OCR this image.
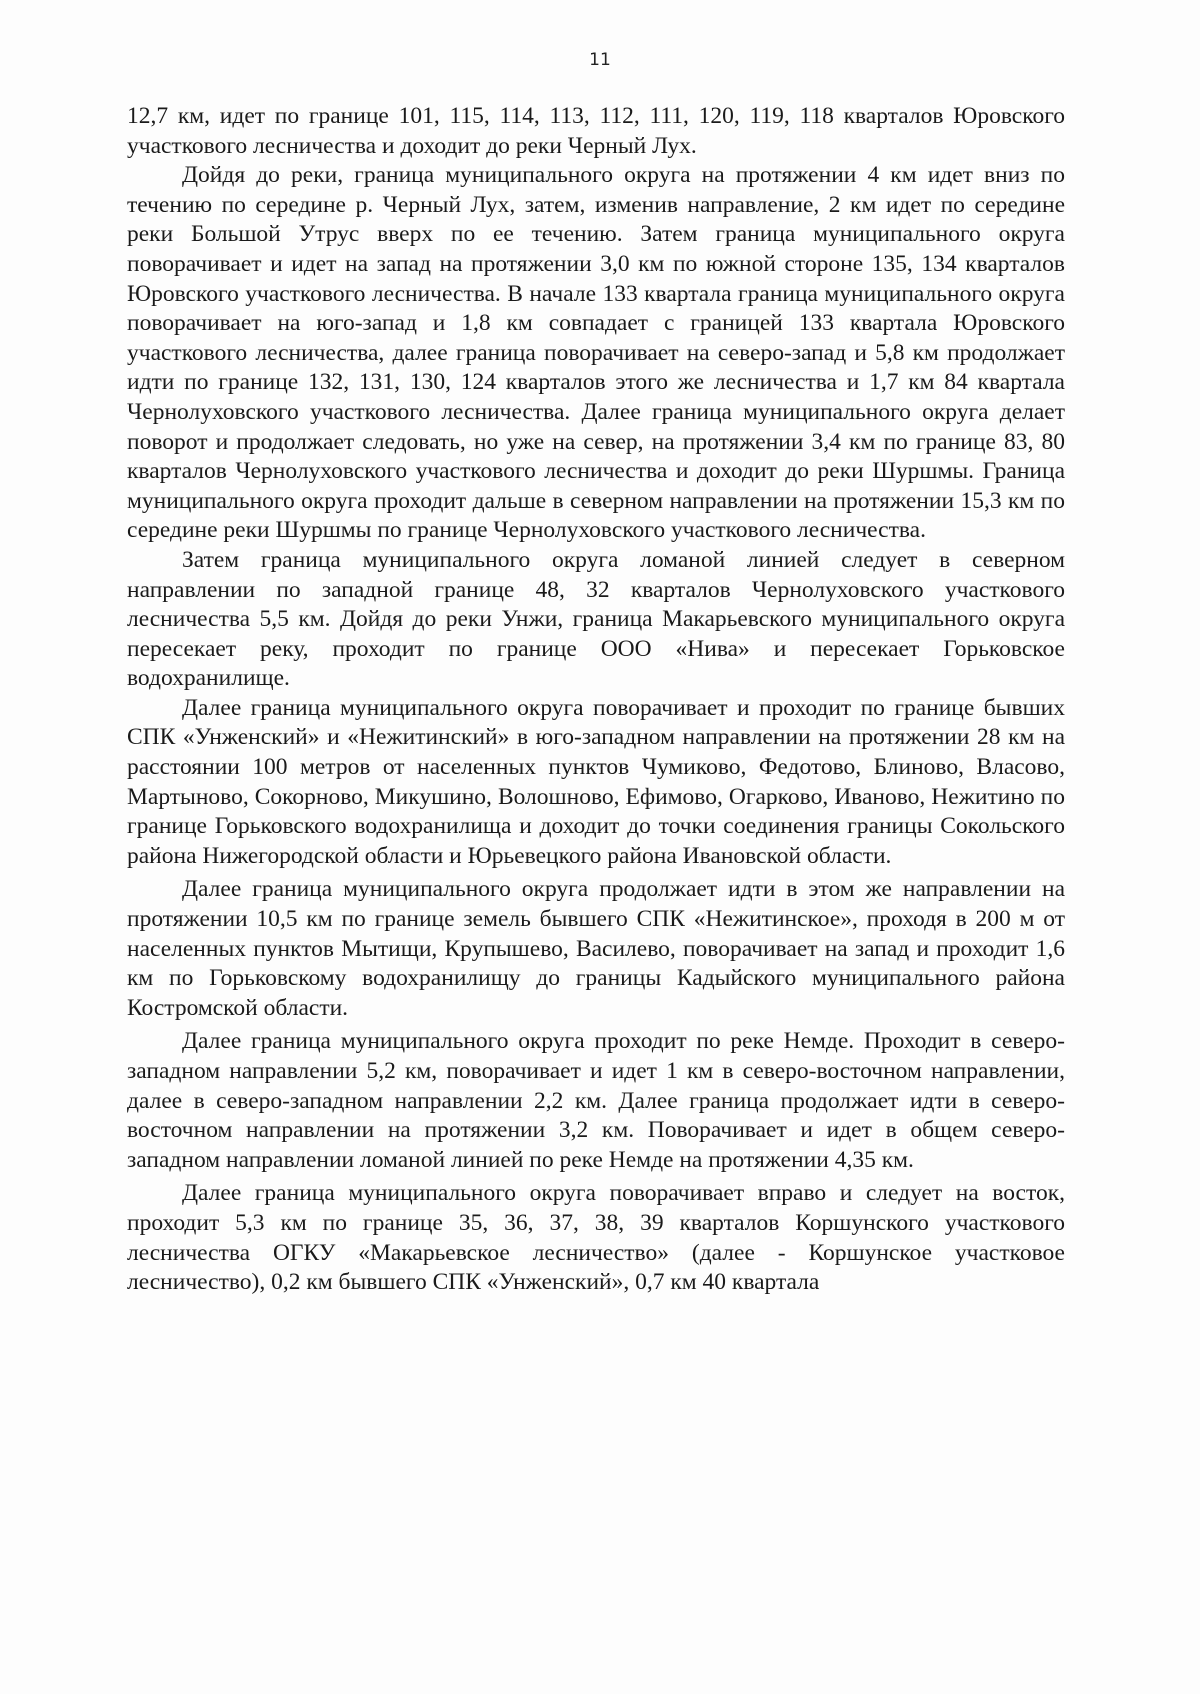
11

12,7 км, идет по границе 101, 115, 114, 113, 112, 111, 120, 119, 118 кварталов Юровского участкового лесничества и доходит до реки Черный Лух.

Дойдя до реки, граница муниципального округа на протяжении 4 км идет вниз по течению по середине р. Черный Лух, затем, изменив направление, 2 км идет по середине реки Большой Утрус вверх по ее течению. Затем граница муниципального округа поворачивает и идет на запад на протяжении 3,0 км по южной стороне 135, 134 кварталов Юровского участкового лесничества. В начале 133 квартала граница муниципального округа поворачивает на юго-запад и 1,8 км совпадает с границей 133 квартала Юровского участкового лесничества, далее граница поворачивает на северо-запад и 5,8 км продолжает идти по границе 132, 131, 130, 124 кварталов этого же лесничества и 1,7 км 84 квартала Чернолуховского участкового лесничества. Далее граница муниципального округа делает поворот и продолжает следовать, но уже на север, на протяжении 3,4 км по границе 83, 80 кварталов Чернолуховского участкового лесничества и доходит до реки Шуршмы. Граница муниципального округа проходит дальше в северном направлении на протяжении 15,3 км по середине реки Шуршмы по границе Чернолуховского участкового лесничества.

Затем граница муниципального округа ломаной линией следует в северном направлении по западной границе 48, 32 кварталов Чернолуховского участкового лесничества 5,5 км. Дойдя до реки Унжи, граница Макарьевского муниципального округа пересекает реку, проходит по границе ООО «Нива» и пересекает Горьковское водохранилище.

Далее граница муниципального округа поворачивает и проходит по границе бывших СПК «Унженский» и «Нежитинский» в юго-западном направлении на протяжении 28 км на расстоянии 100 метров от населенных пунктов Чумиково, Федотово, Блиново, Власово, Мартыново, Сокорново, Микушино, Волошново, Ефимово, Огарково, Иваново, Нежитино по границе Горьковского водохранилища и доходит до точки соединения границы Сокольского района Нижегородской области и Юрьевецкого района Ивановской области.

Далее граница муниципального округа продолжает идти в этом же направлении на протяжении 10,5 км по границе земель бывшего СПК «Нежитинское», проходя в 200 м от населенных пунктов Мытищи, Крупышево, Василево, поворачивает на запад и проходит 1,6 км по Горьковскому водохранилищу до границы Кадыйского муниципального района Костромской области.

Далее граница муниципального округа проходит по реке Немде. Проходит в северо-западном направлении 5,2 км, поворачивает и идет 1 км в северо-восточном направлении, далее в северо-западном направлении 2,2 км. Далее граница продолжает идти в северо-восточном направлении на протяжении 3,2 км. Поворачивает и идет в общем северо-западном направлении ломаной линией по реке Немде на протяжении 4,35 км.

Далее граница муниципального округа поворачивает вправо и следует на восток, проходит 5,3 км по границе 35, 36, 37, 38, 39 кварталов Коршунского участкового лесничества ОГКУ «Макарьевское лесничество» (далее - Коршунское участковое лесничество), 0,2 км бывшего СПК «Унженский», 0,7 км 40 квартала
